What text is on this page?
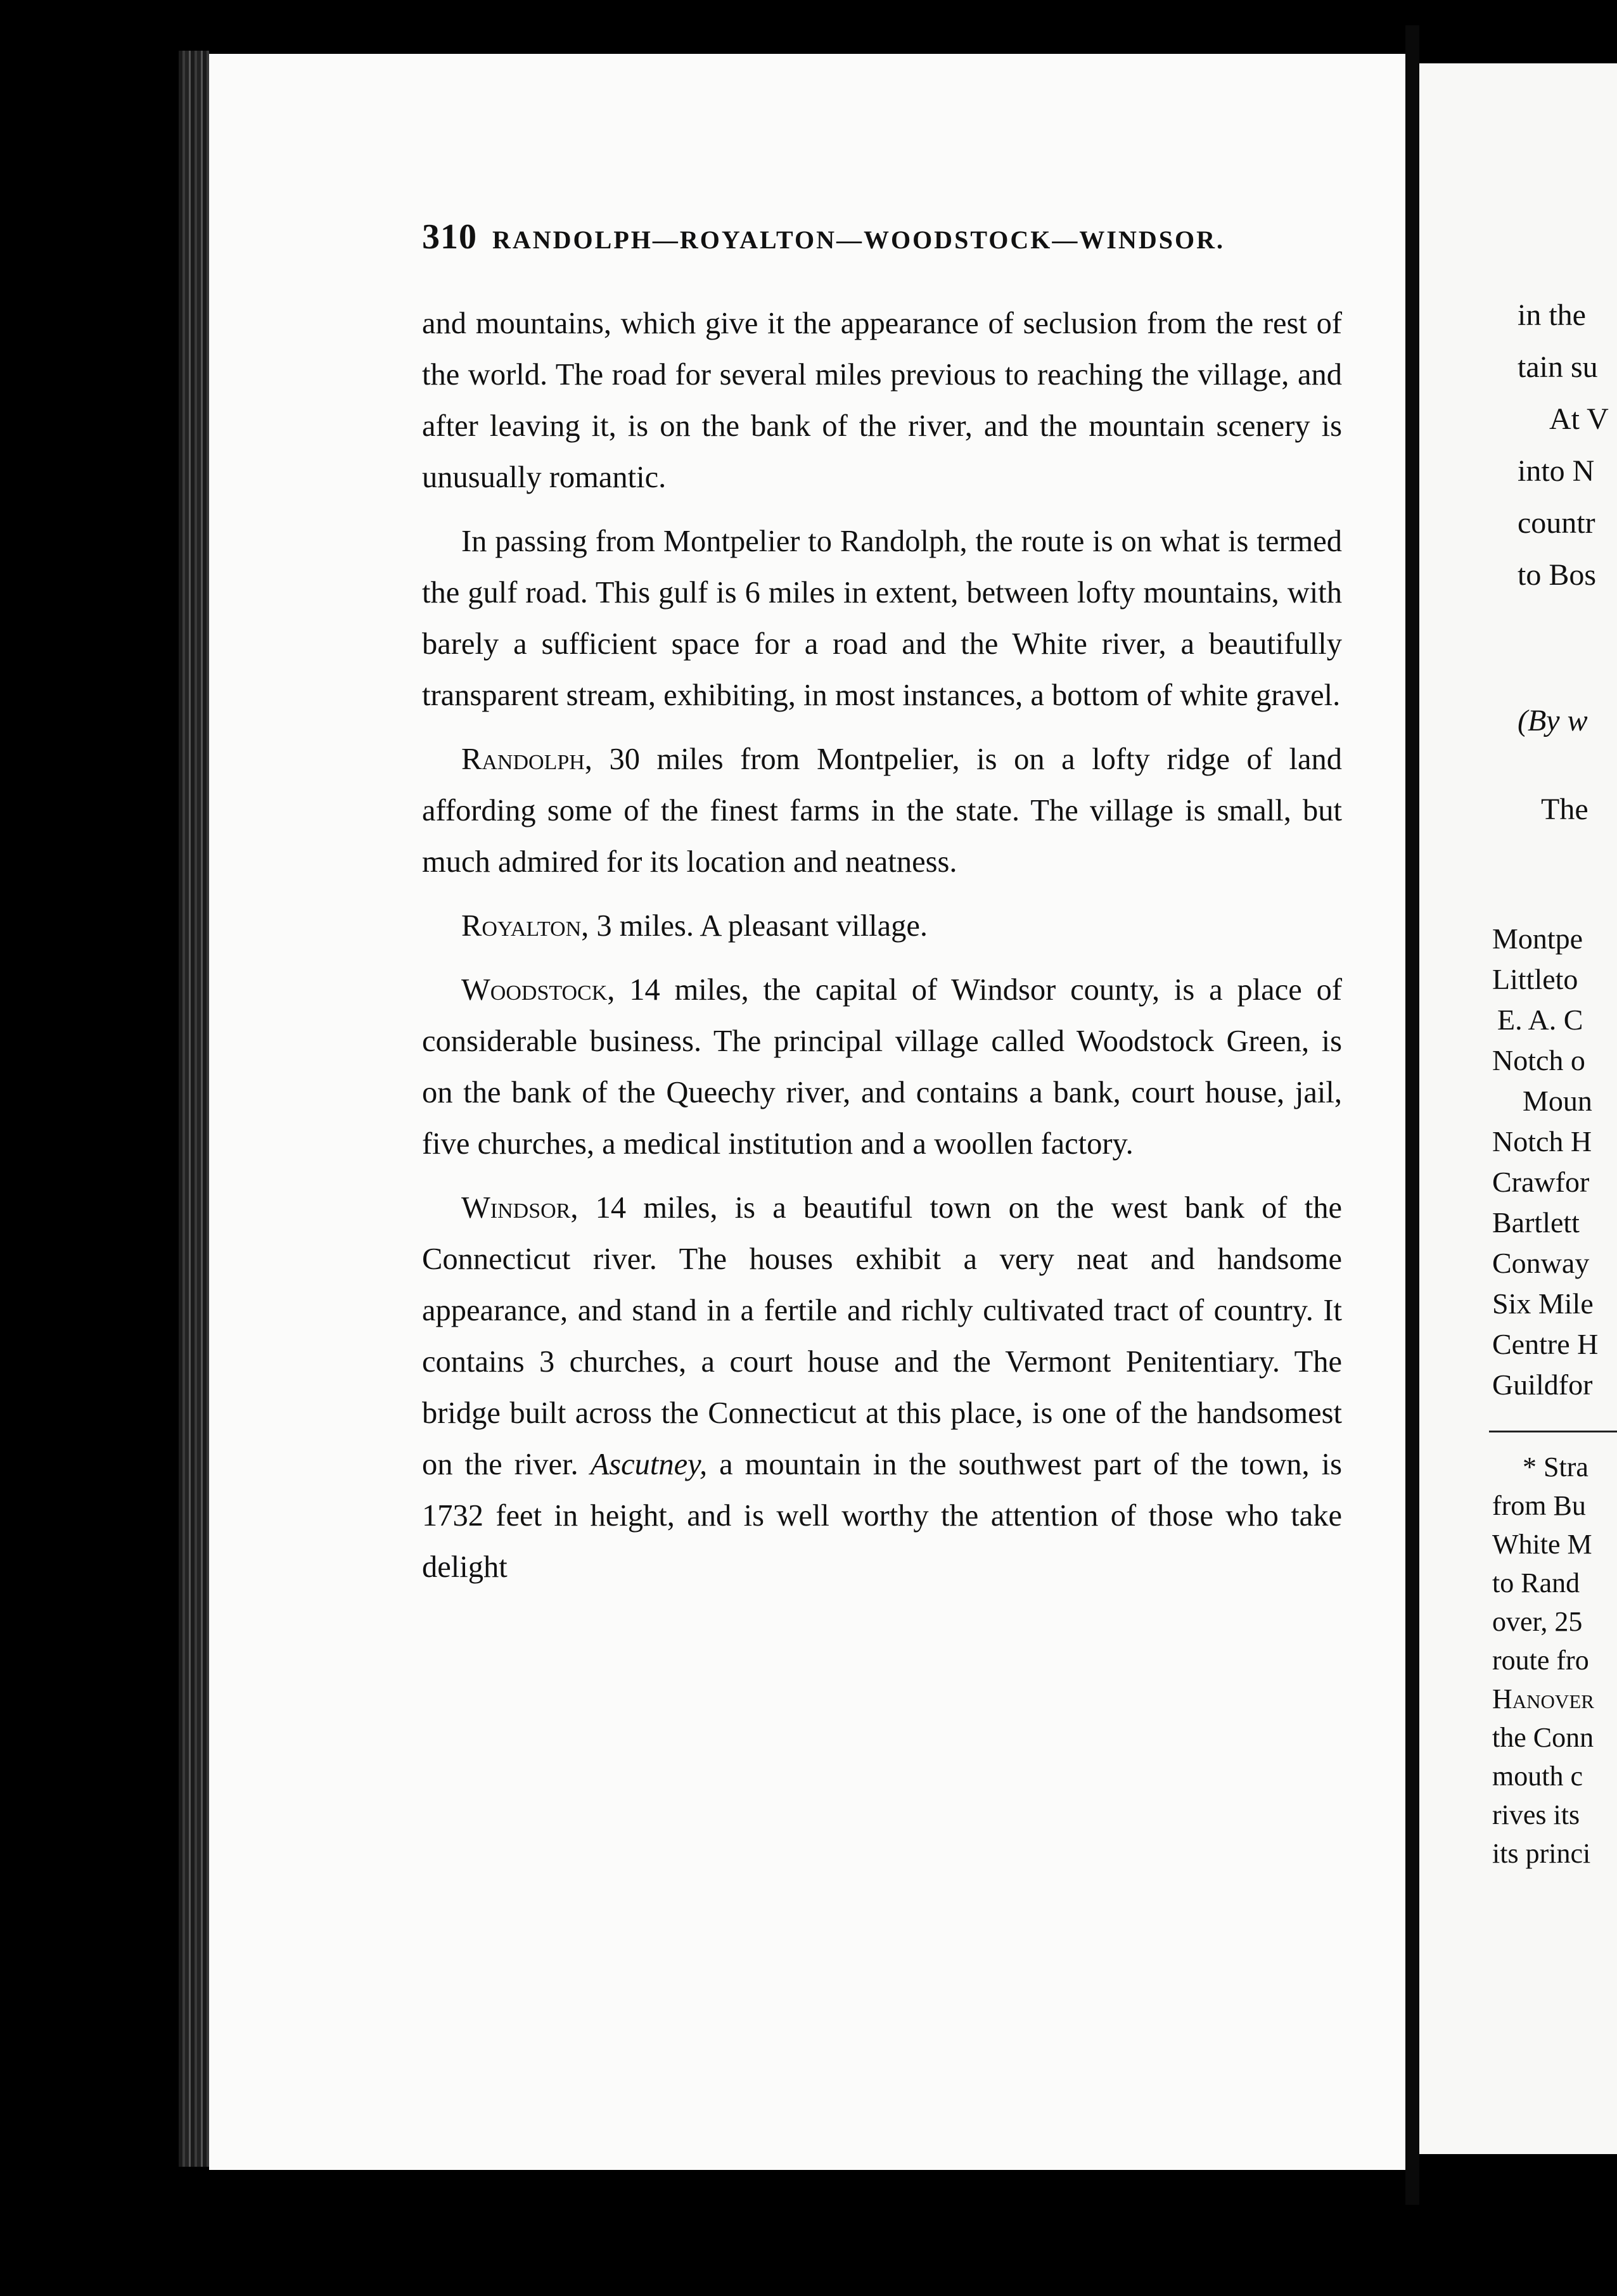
310 RANDOLPH—ROYALTON—WOODSTOCK—WINDSOR.

and mountains, which give it the appearance of seclusion from the rest of the world. The road for several miles previous to reaching the village, and after leaving it, is on the bank of the river, and the mountain scenery is unusually romantic.

In passing from Montpelier to Randolph, the route is on what is termed the gulf road. This gulf is 6 miles in extent, between lofty mountains, with barely a sufficient space for a road and the White river, a beautifully transparent stream, exhibiting, in most instances, a bottom of white gravel.

Randolph, 30 miles from Montpelier, is on a lofty ridge of land affording some of the finest farms in the state. The village is small, but much admired for its location and neatness.

Royalton, 3 miles. A pleasant village.

Woodstock, 14 miles, the capital of Windsor county, is a place of considerable business. The principal village called Woodstock Green, is on the bank of the Queechy river, and contains a bank, court house, jail, five churches, a medical institution and a woollen factory.

Windsor, 14 miles, is a beautiful town on the west bank of the Connecticut river. The houses exhibit a very neat and handsome appearance, and stand in a fertile and richly cultivated tract of country. It contains 3 churches, a court house and the Vermont Penitentiary. The bridge built across the Connecticut at this place, is one of the handsomest on the river. Ascutney, a mountain in the southwest part of the town, is 1732 feet in height, and is well worthy the attention of those who take delight

in the
tain su
At V
into N
countr
to Bos
(By w
The
Montpe
Littleto
E. A. C
Notch o
Moun
Notch H
Crawfor
Bartlett
Conway
Six Mile
Centre H
Guildfor
* Stra
from Bu
White M
to Rand
over, 25
route fro
Hanover
the Conn
mouth c
rives its
its princi
